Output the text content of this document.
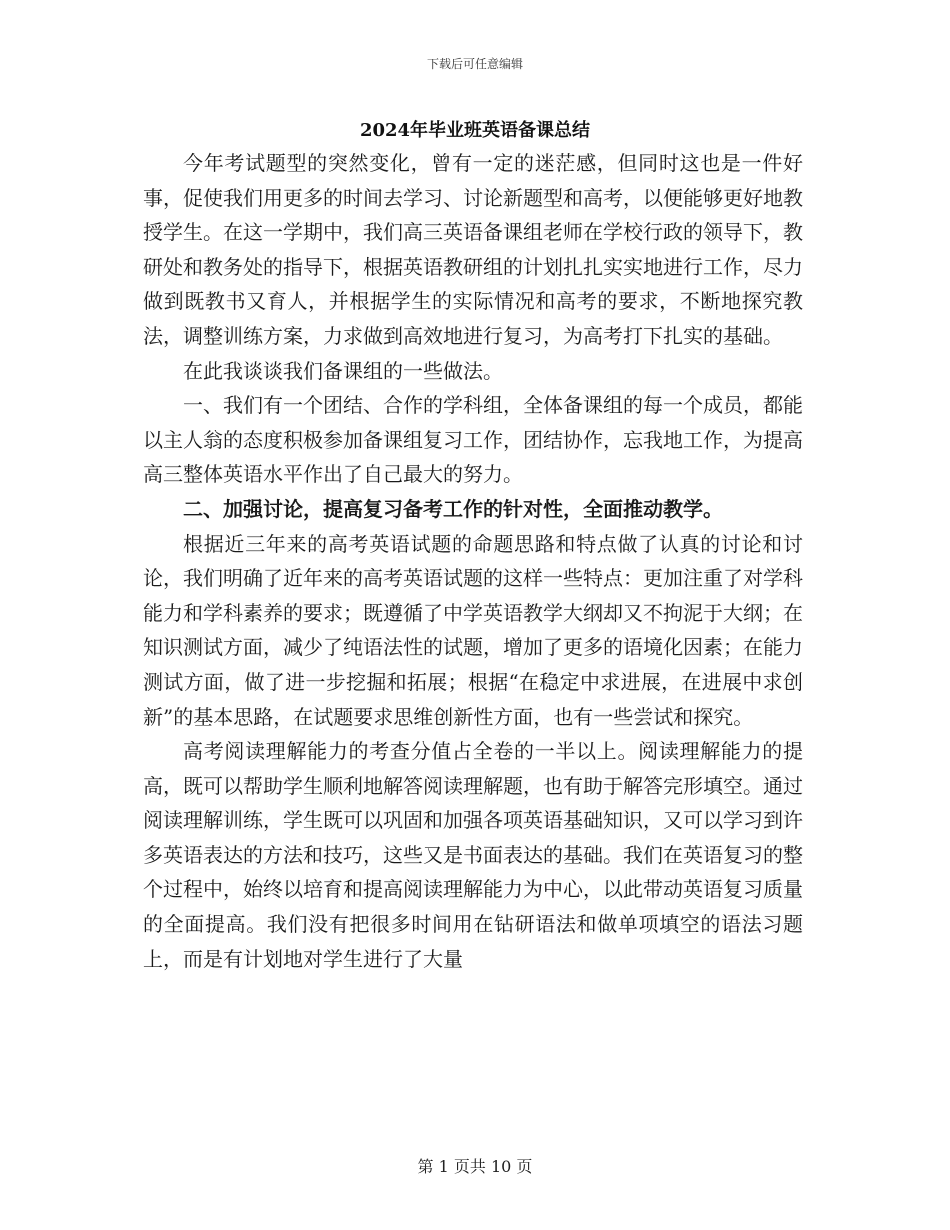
下载后可任意编辑
2024年毕业班英语备课总结

今年考试题型的突然变化，曾有一定的迷茫感，但同时这也是一件好事，促使我们用更多的时间去学习、讨论新题型和高考，以便能够更好地教授学生。在这一学期中，我们高三英语备课组老师在学校行政的领导下，教研处和教务处的指导下，根据英语教研组的计划扎扎实实地进行工作，尽力做到既教书又育人，并根据学生的实际情况和高考的要求，不断地探究教法，调整训练方案，力求做到高效地进行复习，为高考打下扎实的基础。

在此我谈谈我们备课组的一些做法。

一、我们有一个团结、合作的学科组，全体备课组的每一个成员，都能以主人翁的态度积极参加备课组复习工作，团结协作，忘我地工作，为提高高三整体英语水平作出了自己最大的努力。

二、加强讨论，提高复习备考工作的针对性，全面推动教学。

根据近三年来的高考英语试题的命题思路和特点做了认真的讨论和讨论，我们明确了近年来的高考英语试题的这样一些特点：更加注重了对学科能力和学科素养的要求；既遵循了中学英语教学大纲却又不拘泥于大纲；在知识测试方面，减少了纯语法性的试题，增加了更多的语境化因素；在能力测试方面，做了进一步挖掘和拓展；根据“在稳定中求进展，在进展中求创新”的基本思路，在试题要求思维创新性方面，也有一些尝试和探究。

高考阅读理解能力的考查分值占全卷的一半以上。阅读理解能力的提高，既可以帮助学生顺利地解答阅读理解题，也有助于解答完形填空。通过阅读理解训练，学生既可以巩固和加强各项英语基础知识，又可以学习到许多英语表达的方法和技巧，这些又是书面表达的基础。我们在英语复习的整个过程中，始终以培育和提高阅读理解能力为中心，以此带动英语复习质量的全面提高。我们没有把很多时间用在钻研语法和做单项填空的语法习题上，而是有计划地对学生进行了大量

第 1 页共 10 页
